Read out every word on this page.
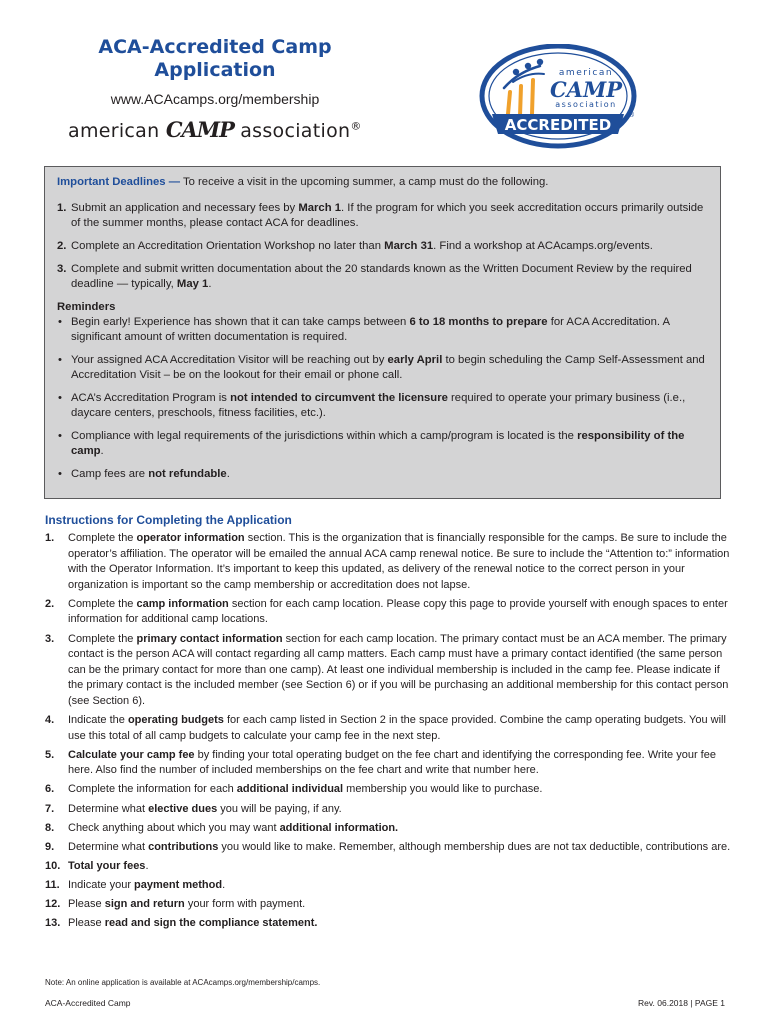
ACA-Accredited Camp
Application
www.ACAcamps.org/membership
american CAMP association®
american
CAMP
association
ACCREDITED
®
Important Deadlines — To receive a visit in the upcoming summer, a camp must do the following.
1. Submit an application and necessary fees by March 1. If the program for which you seek accreditation occurs primarily outside of the summer months, please contact ACA for deadlines.
2. Complete an Accreditation Orientation Workshop no later than March 31. Find a workshop at ACAcamps.org/events.
3. Complete and submit written documentation about the 20 standards known as the Written Document Review by the required deadline — typically, May 1.
Reminders
• Begin early! Experience has shown that it can take camps between 6 to 18 months to prepare for ACA Accreditation. A significant amount of written documentation is required.
• Your assigned ACA Accreditation Visitor will be reaching out by early April to begin scheduling the Camp Self-Assessment and Accreditation Visit – be on the lookout for their email or phone call.
• ACA’s Accreditation Program is not intended to circumvent the licensure required to operate your primary business (i.e., daycare centers, preschools, fitness facilities, etc.).
• Compliance with legal requirements of the jurisdictions within which a camp/program is located is the responsibility of the camp.
• Camp fees are not refundable.
Instructions for Completing the Application
1. Complete the operator information section. This is the organization that is financially responsible for the camps. Be sure to include the operator’s affiliation. The operator will be emailed the annual ACA camp renewal notice. Be sure to include the “Attention to:” information with the Operator Information. It’s important to keep this updated, as delivery of the renewal notice to the correct person in your organization is important so the camp membership or accreditation does not lapse.
2. Complete the camp information section for each camp location. Please copy this page to provide yourself with enough spaces to enter information for additional camp locations.
3. Complete the primary contact information section for each camp location. The primary contact must be an ACA member. The primary contact is the person ACA will contact regarding all camp matters. Each camp must have a primary contact identified (the same person can be the primary contact for more than one camp). At least one individual membership is included in the camp fee. Please indicate if the primary contact is the included member (see Section 6) or if you will be purchasing an additional membership for this contact person (see Section 6).
4. Indicate the operating budgets for each camp listed in Section 2 in the space provided. Combine the camp operating budgets. You will use this total of all camp budgets to calculate your camp fee in the next step.
5. Calculate your camp fee by finding your total operating budget on the fee chart and identifying the corresponding fee. Write your fee here. Also find the number of included memberships on the fee chart and write that number here.
6. Complete the information for each additional individual membership you would like to purchase.
7. Determine what elective dues you will be paying, if any.
8. Check anything about which you may want additional information.
9. Determine what contributions you would like to make. Remember, although membership dues are not tax deductible, contributions are.
10. Total your fees.
11. Indicate your payment method.
12. Please sign and return your form with payment.
13. Please read and sign the compliance statement.
Note: An online application is available at ACAcamps.org/membership/camps.
ACA-Accredited Camp	Rev. 06.2018 | PAGE 1
